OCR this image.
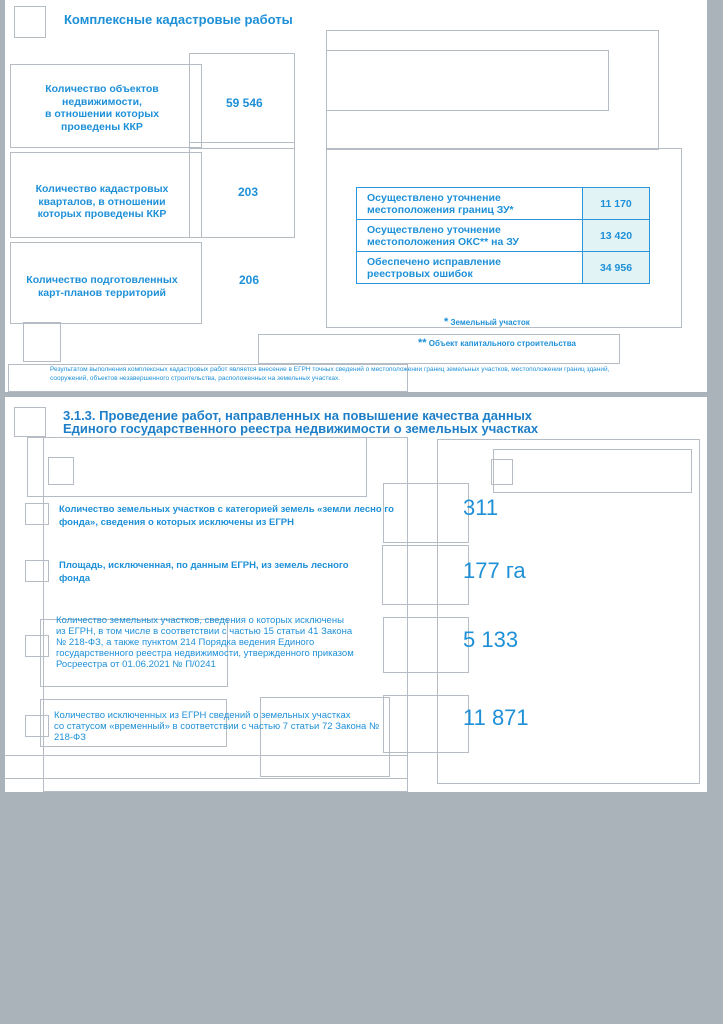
Комплексные кадастровые работы
Количество объектов
недвижимости,
в отношении которых
проведены ККР
59 546
Количество кадастровых
кварталов, в отношении
которых проведены ККР
203
Количество подготовленных
карт-планов территорий
206
Осуществлено уточнение
местоположения границ ЗУ*	11 170

Осуществлено уточнение
местоположения ОКС** на ЗУ	13 420

Обеспечено исправление
реестровых ошибок	34 956
* Земельный участок
** Объект капитального строительства
Результатом выполнения комплексных кадастровых работ является внесение в ЕГРН точных сведений о местоположении границ земельных участков, местоположении границ зданий,
сооружений, объектов незавершенного строительства, расположенных на земельных участках.
3.1.3. Проведение работ, направленных на повышение качества данных
Единого государственного реестра недвижимости о земельных участках
Количество земельных участков с категорией земель «земли лесно го
фонда», сведения о которых исключены из ЕГРН
311
Площадь, исключенная, по данным ЕГРН, из земель лесного
фонда	177 га
Количество земельных участков, сведения о которых исключены
из ЕГРН, в том числе в соответствии с частью 15 статьи 41 Закона
№ 218-ФЗ, а также пунктом 214 Порядка ведения Единого
государственного реестра недвижимости, утвержденного приказом
Росреестра от 01.06.2021 № П/0241
5 133
Количество исключенных из ЕГРН сведений о земельных участках
со статусом «временный» в соответствии с частью 7 статьи 72 Закона №
218-ФЗ
11 871
